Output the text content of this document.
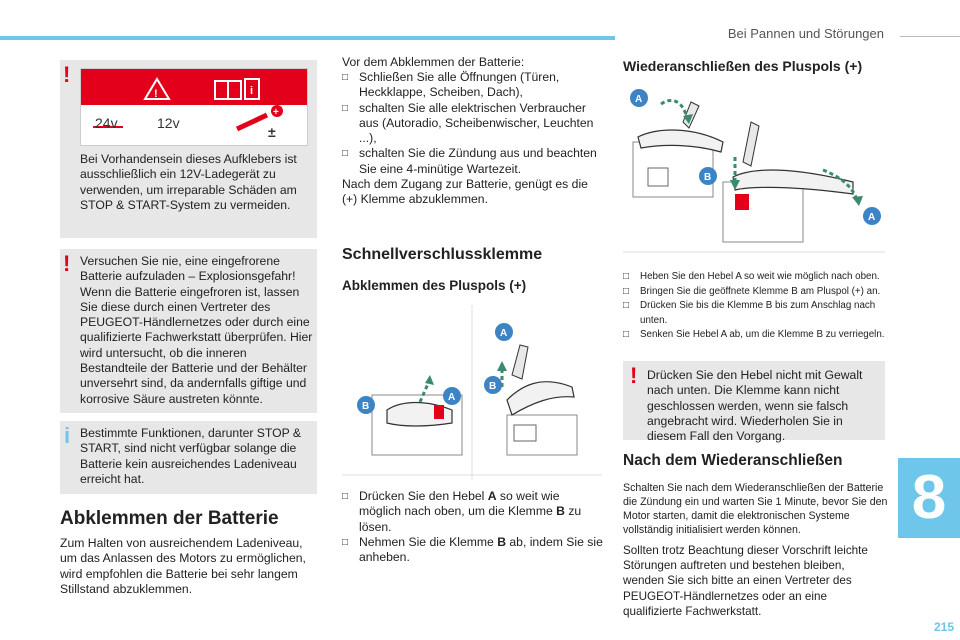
Bei Pannen und Störungen
8
215
!
!	i
+
±
24v	12v
Bei Vorhandensein dieses Aufklebers ist ausschließlich ein 12V-Ladegerät zu verwenden, um irreparable Schäden am STOP & START-System zu vermeiden.
! Versuchen Sie nie, eine eingefrorene Batterie aufzuladen – Explosionsgefahr! Wenn die Batterie eingefroren ist, lassen Sie diese durch einen Vertreter des PEUGEOT-Händlernetzes oder durch eine qualifizierte Fachwerkstatt überprüfen. Hier wird untersucht, ob die inneren Bestandteile der Batterie und der Behälter unversehrt sind, da andernfalls giftige und korrosive Säure austreten könnte.
i Bestimmte Funktionen, darunter STOP & START, sind nicht verfügbar solange die Batterie kein ausreichendes Ladeniveau erreicht hat.
Abklemmen der Batterie
Zum Halten von ausreichendem Ladeniveau, um das Anlassen des Motors zu ermöglichen, wird empfohlen die Batterie bei sehr langem Stillstand abzuklemmen.
Vor dem Abklemmen der Batterie:
□ Schließen Sie alle Öffnungen (Türen, Heckklappe, Scheiben, Dach),
□ schalten Sie alle elektrischen Verbraucher aus (Autoradio, Scheibenwischer, Leuchten ...),
□ schalten Sie die Zündung aus und beachten Sie eine 4-minütige Wartezeit.
Nach dem Zugang zur Batterie, genügt es die (+) Klemme abzuklemmen.
Schnellverschlussklemme
Abklemmen des Pluspols (+)
B
A
A
B
□ Drücken Sie den Hebel A so weit wie möglich nach oben, um die Klemme B zu lösen.
□ Nehmen Sie die Klemme B ab, indem Sie sie anheben.
Wiederanschließen des Pluspols (+)
A
B
A
□ Heben Sie den Hebel A so weit wie möglich nach oben.
□ Bringen Sie die geöffnete Klemme B am Pluspol (+) an.
□ Drücken Sie bis die Klemme B bis zum Anschlag nach unten.
□ Senken Sie Hebel A ab, um die Klemme B zu verriegeln.
! Drücken Sie den Hebel nicht mit Gewalt nach unten. Die Klemme kann nicht geschlossen werden, wenn sie falsch angebracht wird. Wiederholen Sie in diesem Fall den Vorgang.
Nach dem Wiederanschließen
Schalten Sie nach dem Wiederanschließen der Batterie die Zündung ein und warten Sie 1 Minute, bevor Sie den Motor starten, damit die elektronischen Systeme vollständig initialisiert werden können.
Sollten trotz Beachtung dieser Vorschrift leichte Störungen auftreten und bestehen bleiben, wenden Sie sich bitte an einen Vertreter des PEUGEOT-Händlernetzes oder an eine qualifizierte Fachwerkstatt.
